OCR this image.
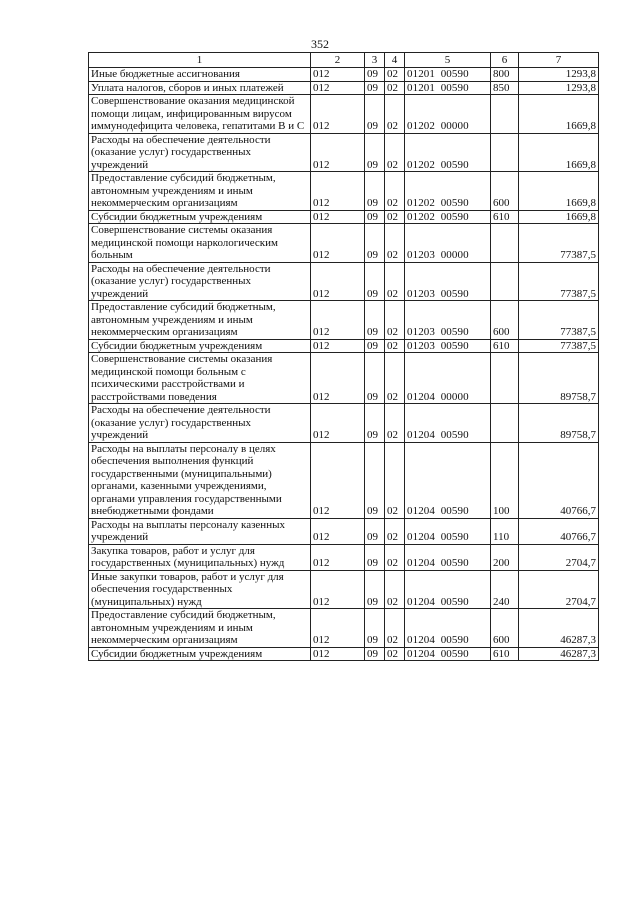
352
1	2	3	4	5	6	7
Иные бюджетные ассигнования	012	09	02	01201  00590	800	1293,8
Уплата налогов, сборов и иных платежей	012	09	02	01201  00590	850	1293,8
Совершенствование оказания медицинской помощи лицам, инфицированным вирусом иммунодефицита человека, гепатитами В и С	012	09	02	01202  00000		1669,8
Расходы на обеспечение деятельности (оказание услуг) государственных учреждений	012	09	02	01202  00590		1669,8
Предоставление субсидий бюджетным, автономным учреждениям и иным некоммерческим организациям	012	09	02	01202  00590	600	1669,8
Субсидии бюджетным учреждениям	012	09	02	01202  00590	610	1669,8
Совершенствование системы оказания медицинской помощи наркологическим больным	012	09	02	01203  00000		77387,5
Расходы на обеспечение деятельности (оказание услуг) государственных учреждений	012	09	02	01203  00590		77387,5
Предоставление субсидий бюджетным, автономным учреждениям и иным некоммерческим организациям	012	09	02	01203  00590	600	77387,5
Субсидии бюджетным учреждениям	012	09	02	01203  00590	610	77387,5
Совершенствование системы оказания медицинской помощи больным с психическими расстройствами и расстройствами поведения	012	09	02	01204  00000		89758,7
Расходы на обеспечение деятельности (оказание услуг) государственных учреждений	012	09	02	01204  00590		89758,7
Расходы на выплаты персоналу в целях обеспечения выполнения функций государственными (муниципальными) органами, казенными учреждениями, органами управления государственными внебюджетными фондами	012	09	02	01204  00590	100	40766,7
Расходы на выплаты персоналу казенных учреждений	012	09	02	01204  00590	110	40766,7
Закупка товаров, работ и услуг для государственных (муниципальных) нужд	012	09	02	01204  00590	200	2704,7
Иные закупки товаров, работ и услуг для обеспечения государственных (муниципальных) нужд	012	09	02	01204  00590	240	2704,7
Предоставление субсидий бюджетным, автономным учреждениям и иным некоммерческим организациям	012	09	02	01204  00590	600	46287,3
Субсидии бюджетным учреждениям	012	09	02	01204  00590	610	46287,3
